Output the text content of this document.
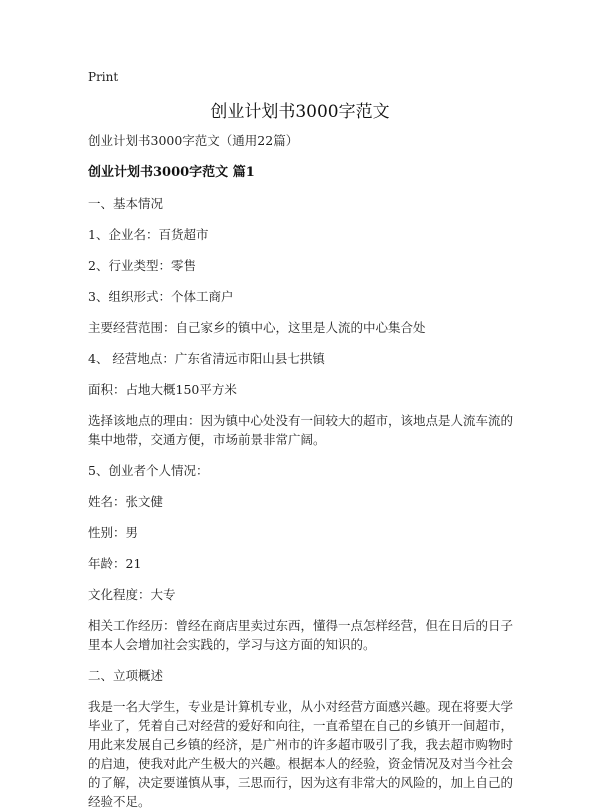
Print
创业计划书3000字范文

创业计划书3000字范文（通用22篇）

创业计划书3000字范文 篇1

一、基本情况

1、企业名：百货超市

2、行业类型：零售

3、组织形式：个体工商户

主要经营范围：自己家乡的镇中心，这里是人流的中心集合处

4、 经营地点：广东省清远市阳山县七拱镇

面积：占地大概150平方米

选择该地点的理由：因为镇中心处没有一间较大的超市，该地点是人流车流的集中地带，交通方便，市场前景非常广阔。

5、创业者个人情况：

姓名：张文健

性别：男

年龄：21

文化程度：大专

相关工作经历：曾经在商店里卖过东西，懂得一点怎样经营，但在日后的日子里本人会增加社会实践的，学习与这方面的知识的。

二、立项概述

我是一名大学生，专业是计算机专业，从小对经营方面感兴趣。现在将要大学毕业了，凭着自己对经营的爱好和向往，一直希望在自己的乡镇开一间超市，用此来发展自己乡镇的经济，是广州市的许多超市吸引了我，我去超市购物时的启迪，使我对此产生极大的兴趣。根据本人的经验，资金情况及对当今社会的了解，决定要谨慎从事，三思而行，因为这有非常大的风险的，加上自己的经验不足。
